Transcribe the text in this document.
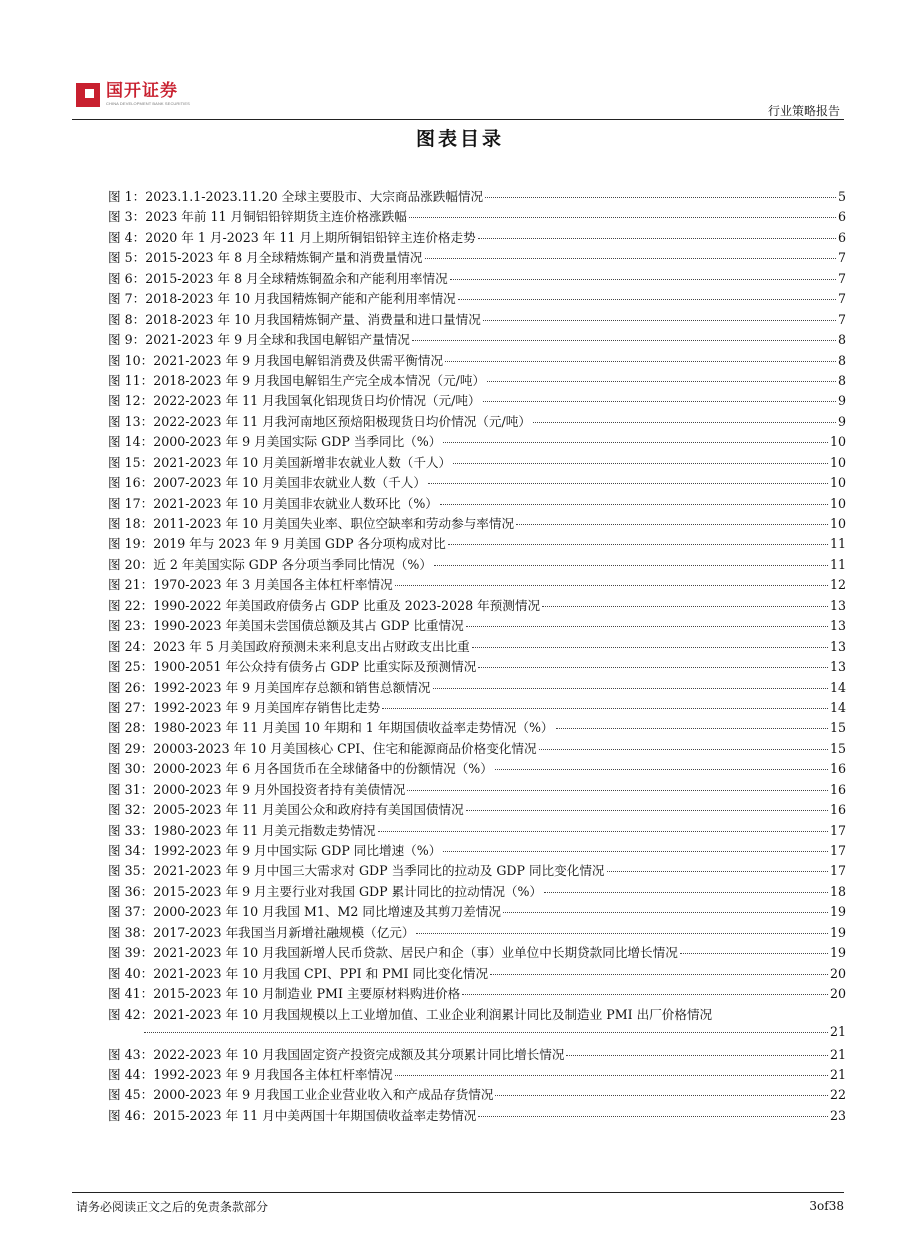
国开证券
CHINA DEVELOPMENT BANK SECURITIES
行业策略报告
图表目录
图 1：2023.1.1-2023.11.20 全球主要股市、大宗商品涨跌幅情况	5
图 3：2023 年前 11 月铜铝铅锌期货主连价格涨跌幅	6
图 4：2020 年 1 月-2023 年 11 月上期所铜铝铅锌主连价格走势	6
图 5：2015-2023 年 8 月全球精炼铜产量和消费量情况	7
图 6：2015-2023 年 8 月全球精炼铜盈余和产能利用率情况	7
图 7：2018-2023 年 10 月我国精炼铜产能和产能利用率情况	7
图 8：2018-2023 年 10 月我国精炼铜产量、消费量和进口量情况	7
图 9：2021-2023 年 9 月全球和我国电解铝产量情况	8
图 10：2021-2023 年 9 月我国电解铝消费及供需平衡情况	8
图 11：2018-2023 年 9 月我国电解铝生产完全成本情况（元/吨）	8
图 12：2022-2023 年 11 月我国氧化铝现货日均价情况（元/吨）	9
图 13：2022-2023 年 11 月我河南地区预焙阳极现货日均价情况（元/吨）	9
图 14：2000-2023 年 9 月美国实际 GDP 当季同比（%）	10
图 15：2021-2023 年 10 月美国新增非农就业人数（千人）	10
图 16：2007-2023 年 10 月美国非农就业人数（千人）	10
图 17：2021-2023 年 10 月美国非农就业人数环比（%）	10
图 18：2011-2023 年 10 月美国失业率、职位空缺率和劳动参与率情况	10
图 19：2019 年与 2023 年 9 月美国 GDP 各分项构成对比	11
图 20：近 2 年美国实际 GDP 各分项当季同比情况（%）	11
图 21：1970-2023 年 3 月美国各主体杠杆率情况	12
图 22：1990-2022 年美国政府债务占 GDP 比重及 2023-2028 年预测情况	13
图 23：1990-2023 年美国未尝国债总额及其占 GDP 比重情况	13
图 24：2023 年 5 月美国政府预测未来利息支出占财政支出比重	13
图 25：1900-2051 年公众持有债务占 GDP 比重实际及预测情况	13
图 26：1992-2023 年 9 月美国库存总额和销售总额情况	14
图 27：1992-2023 年 9 月美国库存销售比走势	14
图 28：1980-2023 年 11 月美国 10 年期和 1 年期国债收益率走势情况（%）	15
图 29：20003-2023 年 10 月美国核心 CPI、住宅和能源商品价格变化情况	15
图 30：2000-2023 年 6 月各国货币在全球储备中的份额情况（%）	16
图 31：2000-2023 年 9 月外国投资者持有美债情况	16
图 32：2005-2023 年 11 月美国公众和政府持有美国国债情况	16
图 33：1980-2023 年 11 月美元指数走势情况	17
图 34：1992-2023 年 9 月中国实际 GDP 同比增速（%）	17
图 35：2021-2023 年 9 月中国三大需求对 GDP 当季同比的拉动及 GDP 同比变化情况	17
图 36：2015-2023 年 9 月主要行业对我国 GDP 累计同比的拉动情况（%）	18
图 37：2000-2023 年 10 月我国 M1、M2 同比增速及其剪刀差情况	19
图 38：2017-2023 年我国当月新增社融规模（亿元）	19
图 39：2021-2023 年 10 月我国新增人民币贷款、居民户和企（事）业单位中长期贷款同比增长情况	19
图 40：2021-2023 年 10 月我国 CPI、PPI 和 PMI 同比变化情况	20
图 41：2015-2023 年 10 月制造业 PMI 主要原材料购进价格	20
图 42：2021-2023 年 10 月我国规模以上工业增加值、工业企业利润累计同比及制造业 PMI 出厂价格情况
21
图 43：2022-2023 年 10 月我国固定资产投资完成额及其分项累计同比增长情况	21
图 44：1992-2023 年 9 月我国各主体杠杆率情况	21
图 45：2000-2023 年 9 月我国工业企业营业收入和产成品存货情况	22
图 46：2015-2023 年 11 月中美两国十年期国债收益率走势情况	23
请务必阅读正文之后的免责条款部分	3of38
